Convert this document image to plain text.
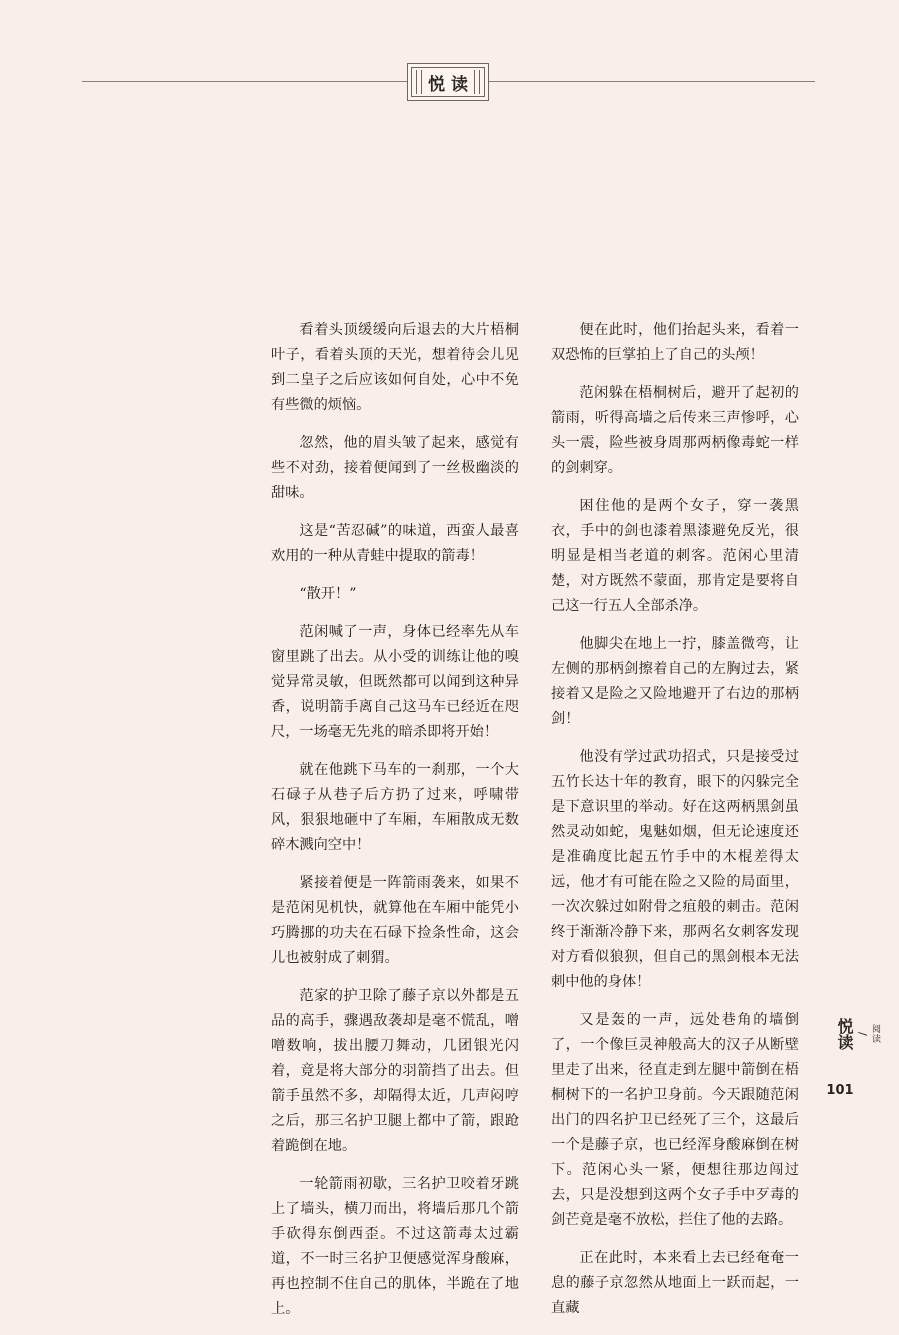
悦读

看着头顶缓缓向后退去的大片梧桐叶子，看着头顶的天光，想着待会儿见到二皇子之后应该如何自处，心中不免有些微的烦恼。

忽然，他的眉头皱了起来，感觉有些不对劲，接着便闻到了一丝极幽淡的甜味。

这是“苦忍碱”的味道，西蛮人最喜欢用的一种从青蛙中提取的箭毒！

“散开！”

范闲喊了一声，身体已经率先从车窗里跳了出去。从小受的训练让他的嗅觉异常灵敏，但既然都可以闻到这种异香，说明箭手离自己这马车已经近在咫尺，一场毫无先兆的暗杀即将开始！

就在他跳下马车的一刹那，一个大石碌子从巷子后方扔了过来，呼啸带风，狠狠地砸中了车厢，车厢散成无数碎木溅向空中！

紧接着便是一阵箭雨袭来，如果不是范闲见机快，就算他在车厢中能凭小巧腾挪的功夫在石碌下捡条性命，这会儿也被射成了刺猬。

范家的护卫除了藤子京以外都是五品的高手，骤遇敌袭却是毫不慌乱，噌噌数响，拔出腰刀舞动，几团银光闪着，竟是将大部分的羽箭挡了出去。但箭手虽然不多，却隔得太近，几声闷哼之后，那三名护卫腿上都中了箭，跟跄着跪倒在地。

一轮箭雨初歇，三名护卫咬着牙跳上了墙头，横刀而出，将墙后那几个箭手砍得东倒西歪。不过这箭毒太过霸道，不一时三名护卫便感觉浑身酸麻，再也控制不住自己的肌体，半跪在了地上。

便在此时，他们抬起头来，看着一双恐怖的巨掌拍上了自己的头颅！

范闲躲在梧桐树后，避开了起初的箭雨，听得高墙之后传来三声惨呼，心头一震，险些被身周那两柄像毒蛇一样的剑刺穿。

困住他的是两个女子，穿一袭黑衣，手中的剑也漆着黑漆避免反光，很明显是相当老道的刺客。范闲心里清楚，对方既然不蒙面，那肯定是要将自己这一行五人全部杀净。

他脚尖在地上一拧，膝盖微弯，让左侧的那柄剑擦着自己的左胸过去，紧接着又是险之又险地避开了右边的那柄剑！

他没有学过武功招式，只是接受过五竹长达十年的教育，眼下的闪躲完全是下意识里的举动。好在这两柄黑剑虽然灵动如蛇，鬼魅如烟，但无论速度还是准确度比起五竹手中的木棍差得太远，他才有可能在险之又险的局面里，一次次躲过如附骨之疽般的刺击。范闲终于渐渐冷静下来，那两名女刺客发现对方看似狼狈，但自己的黑剑根本无法刺中他的身体！

又是轰的一声，远处巷角的墙倒了，一个像巨灵神般高大的汉子从断壁里走了出来，径直走到左腿中箭倒在梧桐树下的一名护卫身前。今天跟随范闲出门的四名护卫已经死了三个，这最后一个是藤子京，也已经浑身酸麻倒在树下。范闲心头一紧，便想往那边闯过去，只是没想到这两个女子手中歹毒的剑芒竟是毫不放松，拦住了他的去路。

正在此时，本来看上去已经奄奄一息的藤子京忽然从地面上一跃而起，一直藏

阅读
/
悦读
101
